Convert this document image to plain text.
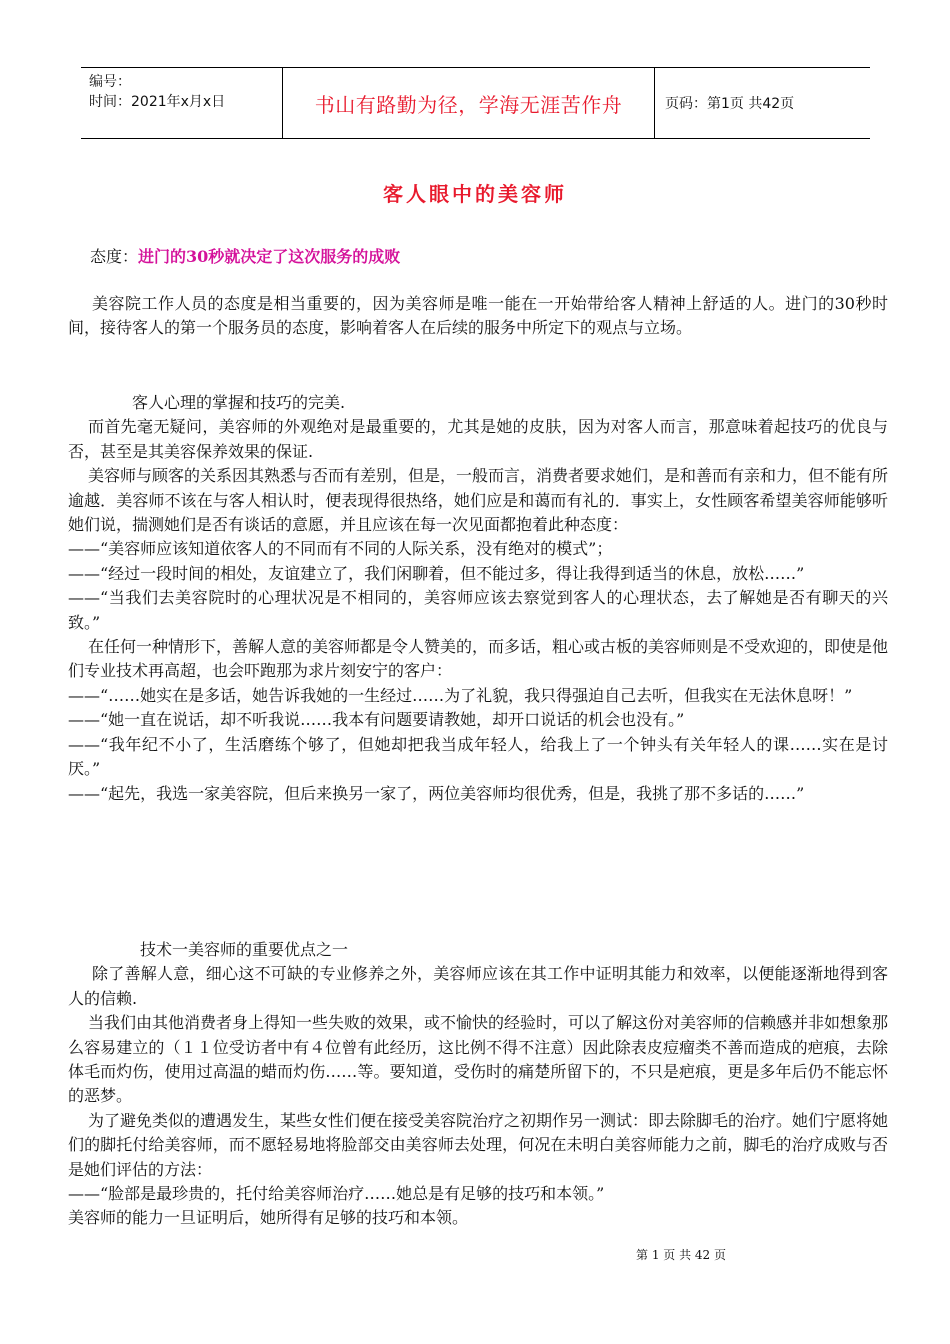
编号：
时间：2021年x月x日	书山有路勤为径，学海无涯苦作舟	页码：第1页 共42页
客人眼中的美容师
态度：进门的30秒就决定了这次服务的成败

美容院工作人员的态度是相当重要的，因为美容师是唯一能在一开始带给客人精神上舒适的人。进门的30秒时间，接待客人的第一个服务员的态度，影响着客人在后续的服务中所定下的观点与立场。

客人心理的掌握和技巧的完美.

而首先毫无疑问，美容师的外观绝对是最重要的，尤其是她的皮肤，因为对客人而言，那意味着起技巧的优良与否，甚至是其美容保养效果的保证.

美容师与顾客的关系因其熟悉与否而有差别，但是，一般而言，消费者要求她们，是和善而有亲和力，但不能有所逾越．美容师不该在与客人相认时，便表现得很热络，她们应是和蔼而有礼的．事实上，女性顾客希望美容师能够听她们说，揣测她们是否有谈话的意愿，并且应该在每一次见面都抱着此种态度：

——“美容师应该知道依客人的不同而有不同的人际关系，没有绝对的模式”；

——“经过一段时间的相处，友谊建立了，我们闲聊着，但不能过多，得让我得到适当的休息，放松……”

——“当我们去美容院时的心理状况是不相同的，美容师应该去察觉到客人的心理状态，去了解她是否有聊天的兴致。”

在任何一种情形下，善解人意的美容师都是令人赞美的，而多话，粗心或古板的美容师则是不受欢迎的，即使是他们专业技术再高超，也会吓跑那为求片刻安宁的客户：

——“……她实在是多话，她告诉我她的一生经过……为了礼貌，我只得强迫自己去听，但我实在无法休息呀！”

——“她一直在说话，却不听我说……我本有问题要请教她，却开口说话的机会也没有。”

——“我年纪不小了，生活磨练个够了，但她却把我当成年轻人，给我上了一个钟头有关年轻人的课……实在是讨厌。”

——“起先，我选一家美容院，但后来换另一家了，两位美容师均很优秀，但是，我挑了那不多话的……”

技术一美容师的重要优点之一

除了善解人意，细心这不可缺的专业修养之外，美容师应该在其工作中证明其能力和效率，以便能逐渐地得到客人的信赖.

当我们由其他消费者身上得知一些失败的效果，或不愉快的经验时，可以了解这份对美容师的信赖感并非如想象那么容易建立的（１１位受访者中有４位曾有此经历，这比例不得不注意）因此除表皮痘瘤类不善而造成的疤痕，去除体毛而灼伤，使用过高温的蜡而灼伤……等。要知道，受伤时的痛楚所留下的，不只是疤痕，更是多年后仍不能忘怀的恶梦。

为了避免类似的遭遇发生，某些女性们便在接受美容院治疗之初期作另一测试：即去除脚毛的治疗。她们宁愿将她们的脚托付给美容师，而不愿轻易地将脸部交由美容师去处理，何况在未明白美容师能力之前，脚毛的治疗成败与否是她们评估的方法：

——“脸部是最珍贵的，托付给美容师治疗……她总是有足够的技巧和本领。”

美容师的能力一旦证明后，她所得有足够的技巧和本领。

第 1 页 共 42 页
